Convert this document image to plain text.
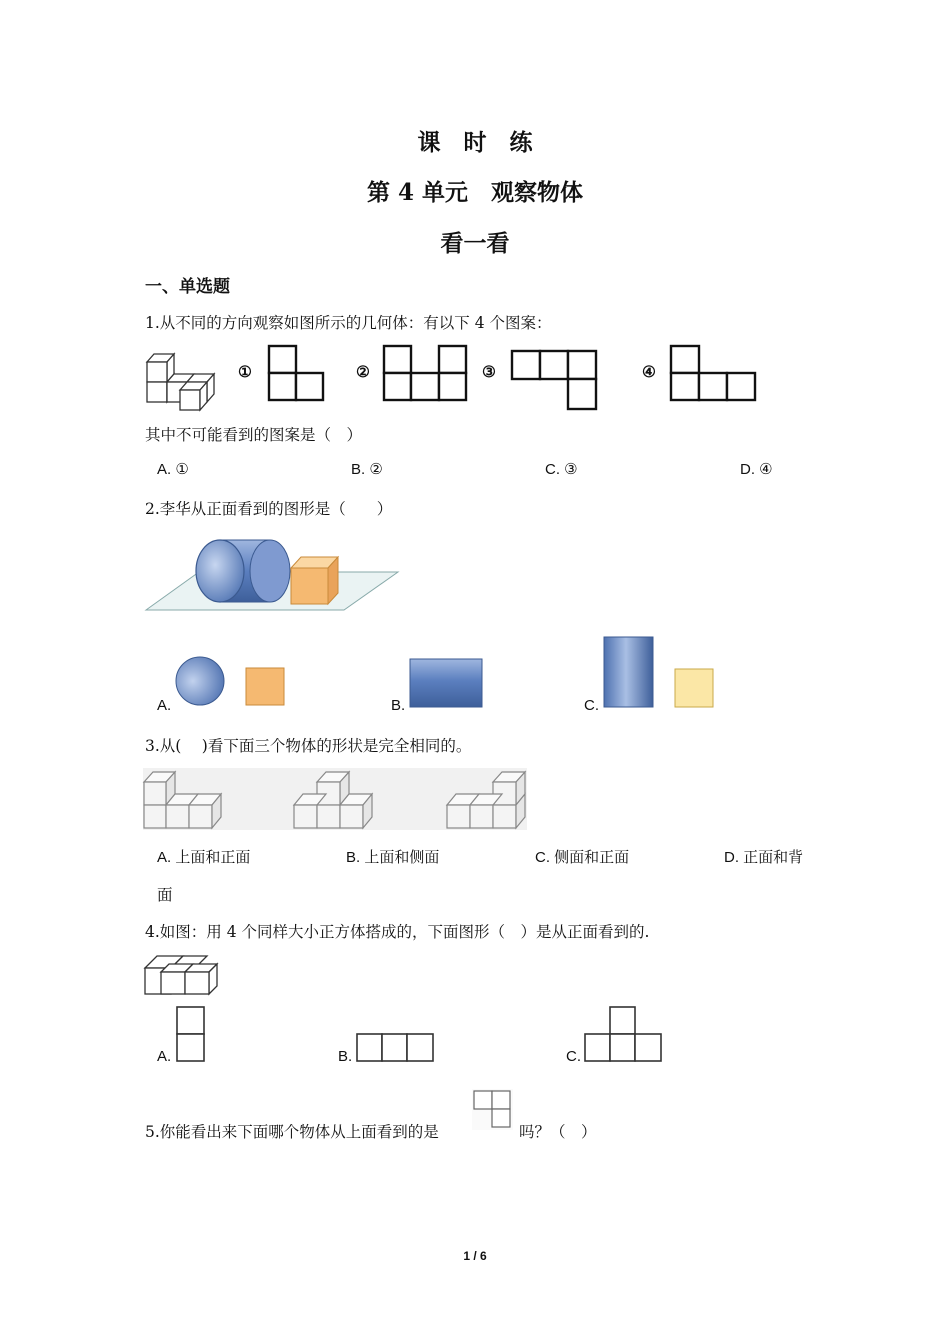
课　时　练
第 4 单元　观察物体
看一看
一、单选题
1.从不同的方向观察如图所示的几何体：有以下 4 个图案：
①	②	③	④
其中不可能看到的图案是（　）
A. ①	B. ②	C. ③	D. ④
2.李华从正面看到的图形是（　　）
A.	B.	C.
3.从(　 )看下面三个物体的形状是完全相同的。
A. 上面和正面	B. 上面和侧面	C. 侧面和正面	D. 正面和背
面
4.如图：用 4 个同样大小正方体搭成的，下面图形（　）是从正面看到的.
A.	B.	C.
5.你能看出来下面哪个物体从上面看到的是	吗？（　）
1 / 6
